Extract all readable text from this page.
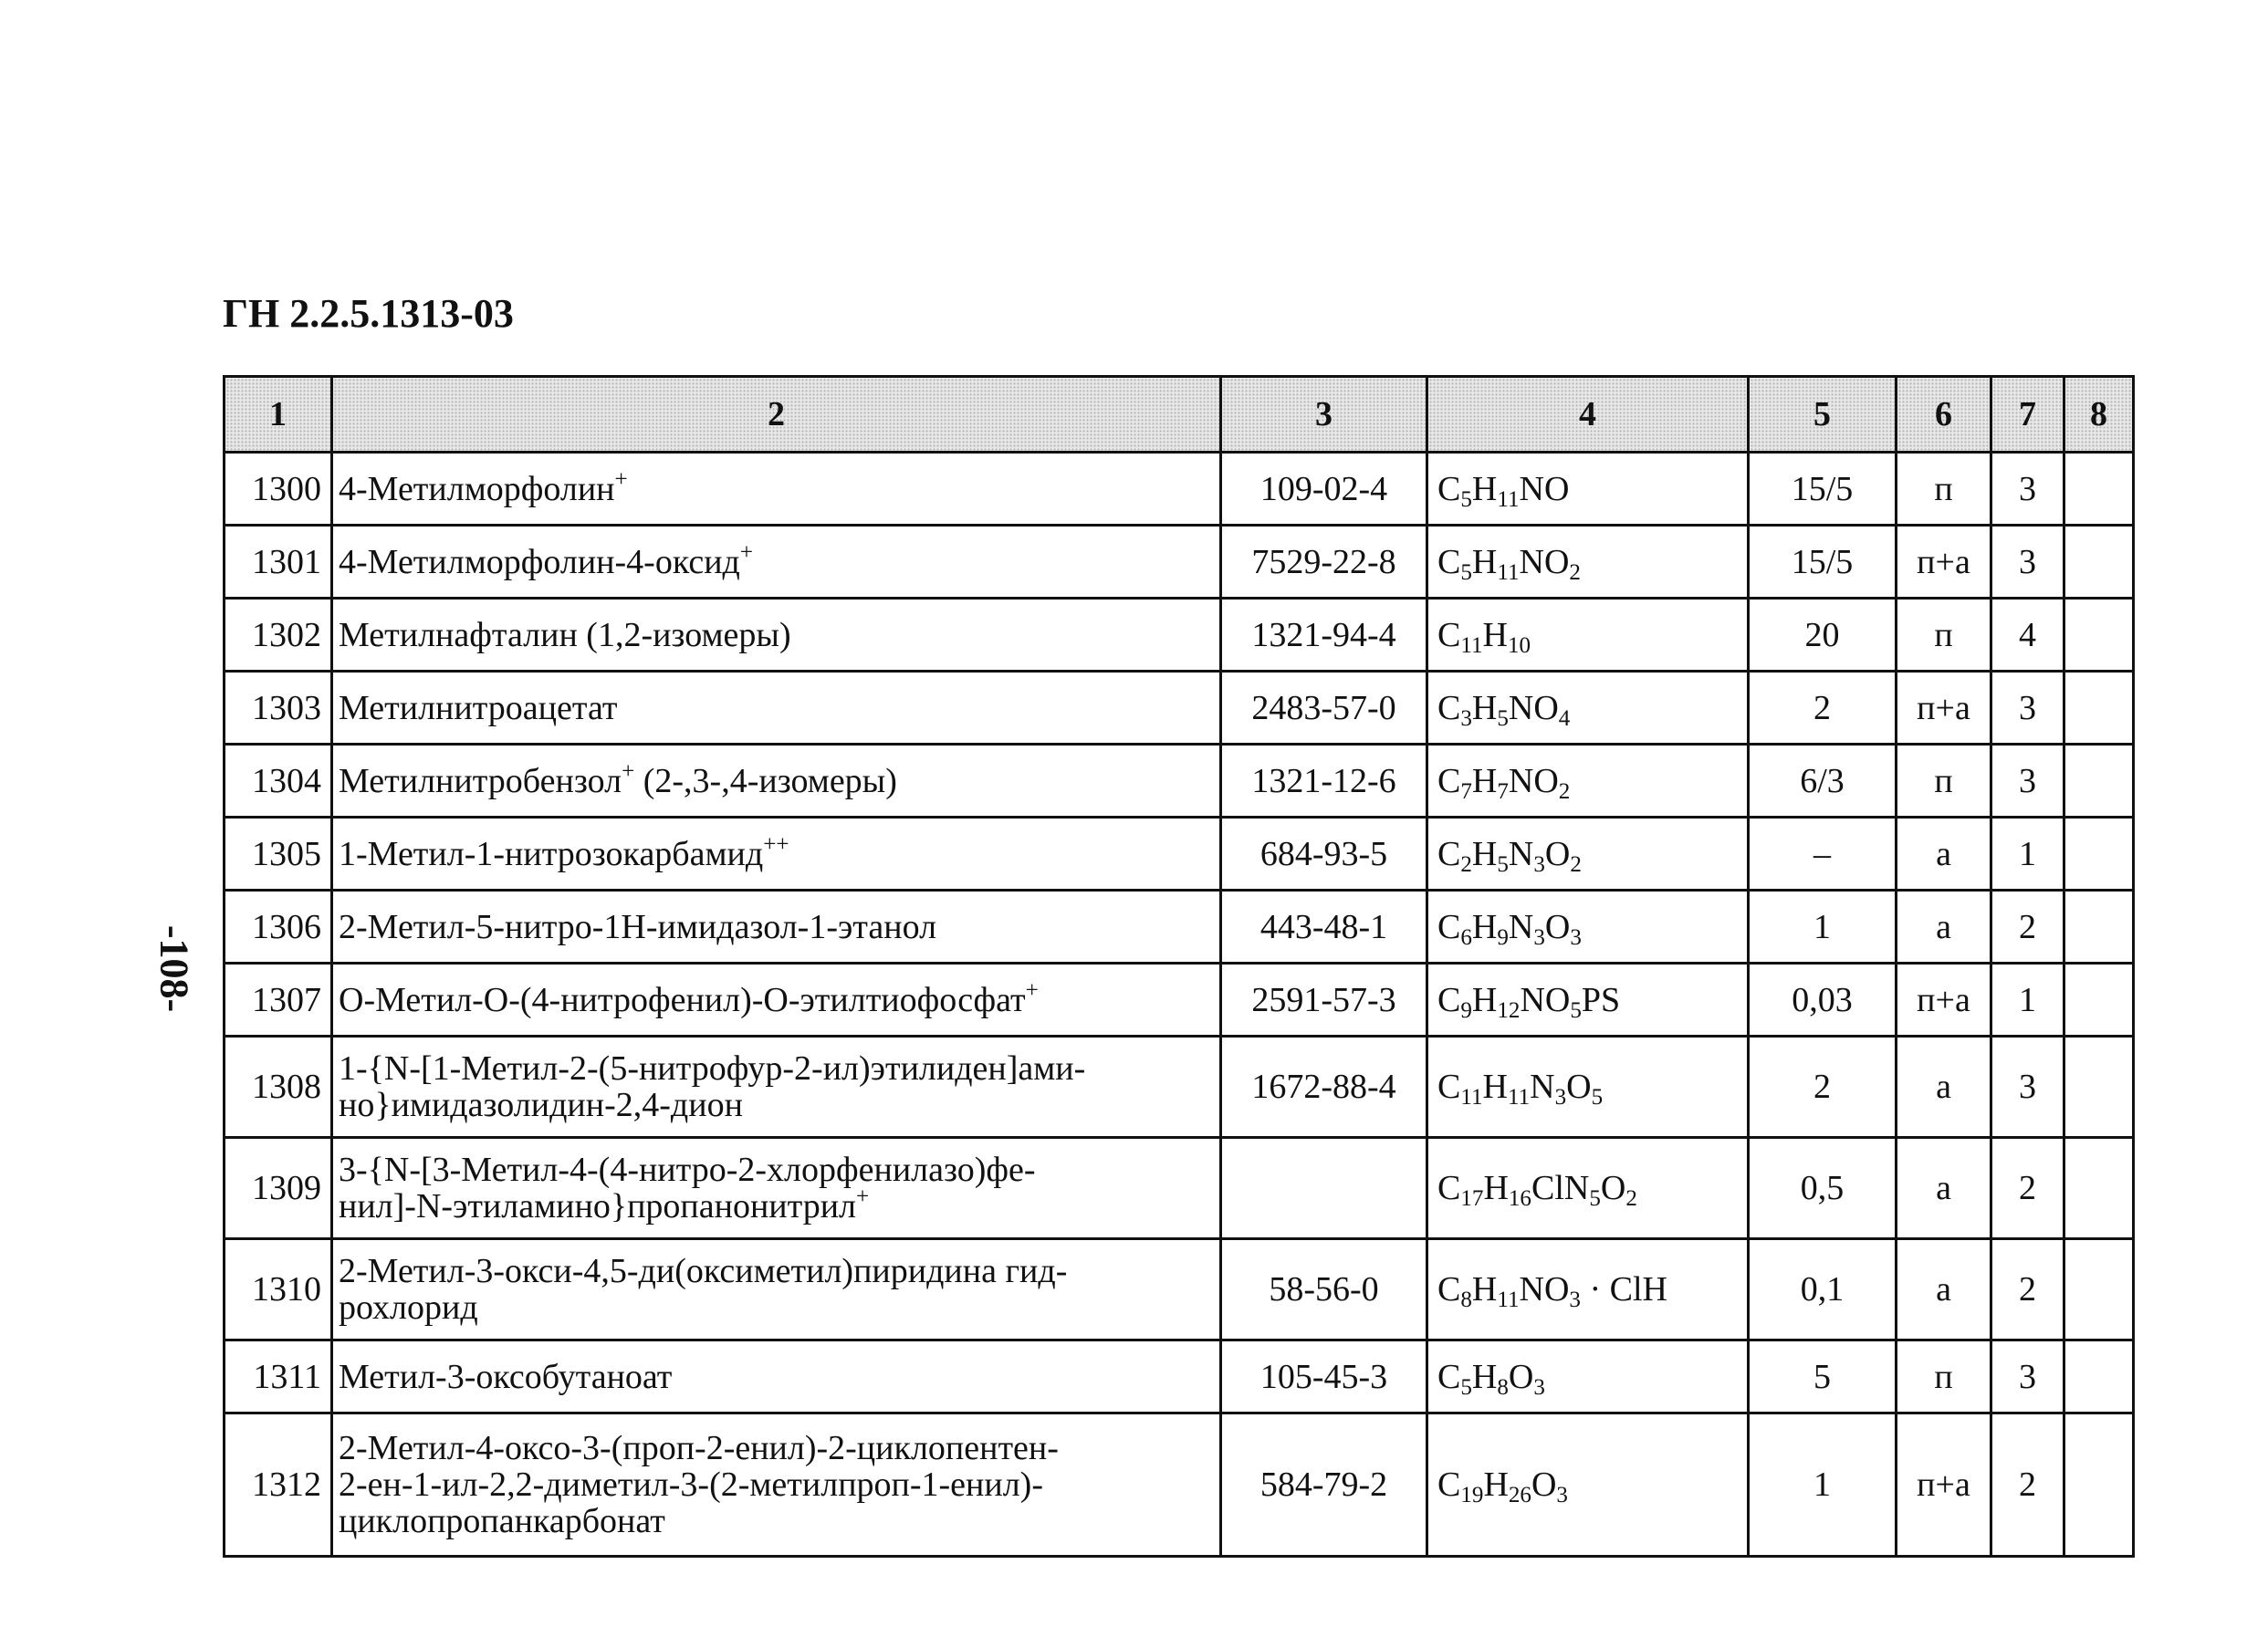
ГН 2.2.5.1313-03
-108-
1	2	3	4	5	6	7	8
1300	4-Метилморфолин+	109-02-4	$C_5H_{11}NO$	15/5	п	3	
1301	4-Метилморфолин-4-оксид+	7529-22-8	$C_5H_{11}NO_2$	15/5	п+а	3	
1302	Метилнафталин (1,2-изомеры)	1321-94-4	$C_{11}H_{10}$	20	п	4	
1303	Метилнитроацетат	2483-57-0	$C_3H_5NO_4$	2	п+а	3	
1304	Метилнитробензол+ (2-,3-,4-изомеры)	1321-12-6	$C_7H_7NO_2$	6/3	п	3	
1305	1-Метил-1-нитрозокарбамид++	684-93-5	$C_2H_5N_3O_2$	–	а	1	
1306	2-Метил-5-нитро-1Н-имидазол-1-этанол	443-48-1	$C_6H_9N_3O_3$	1	а	2	
1307	О-Метил-О-(4-нитрофенил)-О-этилтиофосфат+	2591-57-3	$C_9H_{12}NO_5PS$	0,03	п+а	1	
1308	1-{N-[1-Метил-2-(5-нитрофур-2-ил)этилиден]ами-
но}имидазолидин-2,4-дион	1672-88-4	$C_{11}H_{11}N_3O_5$	2	а	3	
1309	3-{N-[3-Метил-4-(4-нитро-2-хлорфенилазо)фе-
нил]-N-этиламино}пропанонитрил+		$C_{17}H_{16}ClN_5O_2$	0,5	а	2	
1310	2-Метил-3-окси-4,5-ди(оксиметил)пиридина гид-
рохлорид	58-56-0	$C_8H_{11}NO_3$ · ClH	0,1	а	2	
1311	Метил-3-оксобутаноат	105-45-3	$C_5H_8O_3$	5	п	3	
1312	2-Метил-4-оксо-3-(проп-2-енил)-2-циклопентен-
2-ен-1-ил-2,2-диметил-3-(2-метилпроп-1-енил)-
циклопропанкарбонат	584-79-2	$C_{19}H_{26}O_3$	1	п+а	2	
